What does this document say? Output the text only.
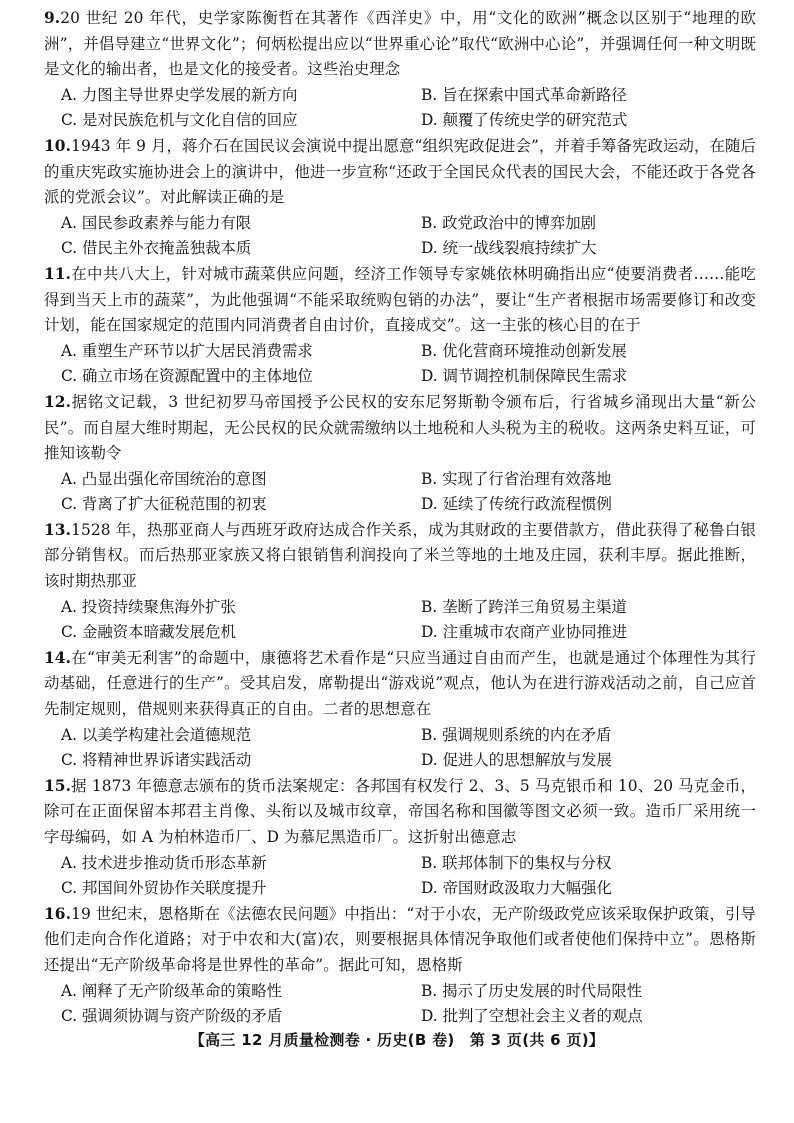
9.20 世纪 20 年代，史学家陈衡哲在其著作《西洋史》中，用“文化的欧洲”概念以区别于“地理的欧洲”，并倡导建立“世界文化”；何炳松提出应以“世界重心论”取代“欧洲中心论”，并强调任何一种文明既是文化的输出者，也是文化的接受者。这些治史理念
A. 力图主导世界史学发展的新方向	B. 旨在探索中国式革命新路径
C. 是对民族危机与文化自信的回应	D. 颠覆了传统史学的研究范式
10.1943 年 9 月，蒋介石在国民议会演说中提出愿意“组织宪政促进会”，并着手筹备宪政运动，在随后的重庆宪政实施协进会上的演讲中，他进一步宣称“还政于全国民众代表的国民大会，不能还政于各党各派的党派会议”。对此解读正确的是
A. 国民参政素养与能力有限	B. 政党政治中的博弈加剧
C. 借民主外衣掩盖独裁本质	D. 统一战线裂痕持续扩大
11.在中共八大上，针对城市蔬菜供应问题，经济工作领导专家姚依林明确指出应“使要消费者……能吃得到当天上市的蔬菜”，为此他强调“不能采取统购包销的办法”，要让“生产者根据市场需要修订和改变计划，能在国家规定的范围内同消费者自由讨价，直接成交”。这一主张的核心目的在于
A. 重塑生产环节以扩大居民消费需求	B. 优化营商环境推动创新发展
C. 确立市场在资源配置中的主体地位	D. 调节调控机制保障民生需求
12.据铭文记载，3 世纪初罗马帝国授予公民权的安东尼努斯勒令颁布后，行省城乡涌现出大量“新公民”。而自屋大维时期起，无公民权的民众就需缴纳以土地税和人头税为主的税收。这两条史料互证，可推知该勒令
A. 凸显出强化帝国统治的意图	B. 实现了行省治理有效落地
C. 背离了扩大征税范围的初衷	D. 延续了传统行政流程惯例
13.1528 年，热那亚商人与西班牙政府达成合作关系，成为其财政的主要借款方，借此获得了秘鲁白银部分销售权。而后热那亚家族又将白银销售利润投向了米兰等地的土地及庄园，获利丰厚。据此推断，该时期热那亚
A. 投资持续聚焦海外扩张	B. 垄断了跨洋三角贸易主渠道
C. 金融资本暗藏发展危机	D. 注重城市农商产业协同推进
14.在“审美无利害”的命题中，康德将艺术看作是“只应当通过自由而产生，也就是通过个体理性为其行动基础，任意进行的生产”。受其启发，席勒提出“游戏说”观点，他认为在进行游戏活动之前，自己应首先制定规则，借规则来获得真正的自由。二者的思想意在
A. 以美学构建社会道德规范	B. 强调规则系统的内在矛盾
C. 将精神世界诉诸实践活动	D. 促进人的思想解放与发展
15.据 1873 年德意志颁布的货币法案规定：各邦国有权发行 2、3、5 马克银币和 10、20 马克金币，除可在正面保留本邦君主肖像、头衔以及城市纹章，帝国名称和国徽等图文必须一致。造币厂采用统一字母编码，如 A 为柏林造币厂、D 为慕尼黑造币厂。这折射出德意志
A. 技术进步推动货币形态革新	B. 联邦体制下的集权与分权
C. 邦国间外贸协作关联度提升	D. 帝国财政汲取力大幅强化
16.19 世纪末，恩格斯在《法德农民问题》中指出：“对于小农，无产阶级政党应该采取保护政策，引导他们走向合作化道路；对于中农和大(富)农，则要根据具体情况争取他们或者使他们保持中立”。恩格斯还提出“无产阶级革命将是世界性的革命”。据此可知，恩格斯
A. 阐释了无产阶级革命的策略性	B. 揭示了历史发展的时代局限性
C. 强调须协调与资产阶级的矛盾	D. 批判了空想社会主义者的观点
【高三 12 月质量检测卷 · 历史(B 卷)　第 3 页(共 6 页)】
